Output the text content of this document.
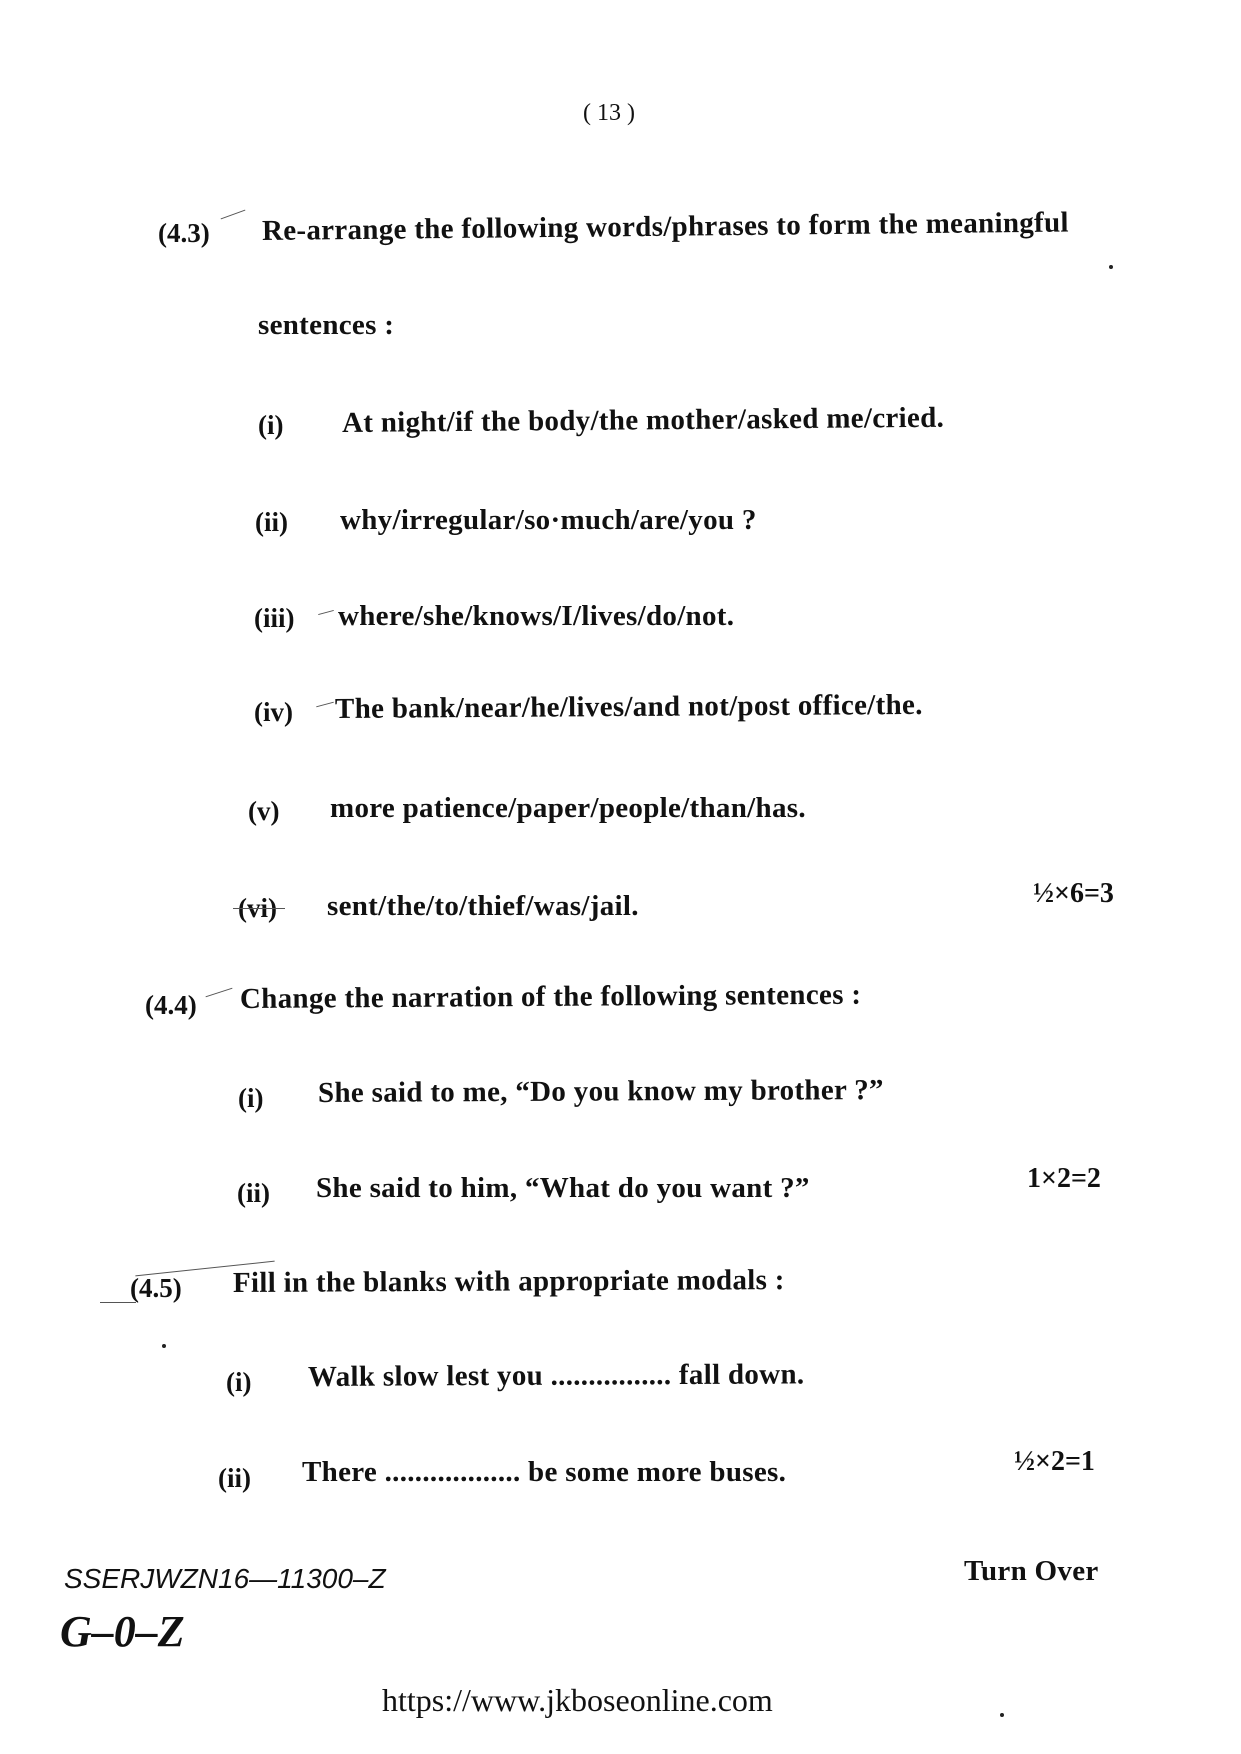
( 13 )
(4.3) Re-arrange the following words/phrases to form the meaningful
sentences :
(i) At night/if the body/the mother/asked me/cried.
(ii) why/irregular/so·much/are/you ?
(iii) where/she/knows/I/lives/do/not.
(iv) The bank/near/he/lives/and not/post office/the.
(v) more patience/paper/people/than/has.
(vi) sent/the/to/thief/was/jail.	½×6=3
(4.4) Change the narration of the following sentences :
(i) She said to me, “Do you know my brother ?”
(ii) She said to him, “What do you want ?”	1×2=2
(4.5) Fill in the blanks with appropriate modals :
(i) Walk slow lest you ................ fall down.
(ii) There .................. be some more buses.	½×2=1
SSERJWZN16—11300–Z	Turn Over
G–0–Z
https://www.jkboseonline.com
